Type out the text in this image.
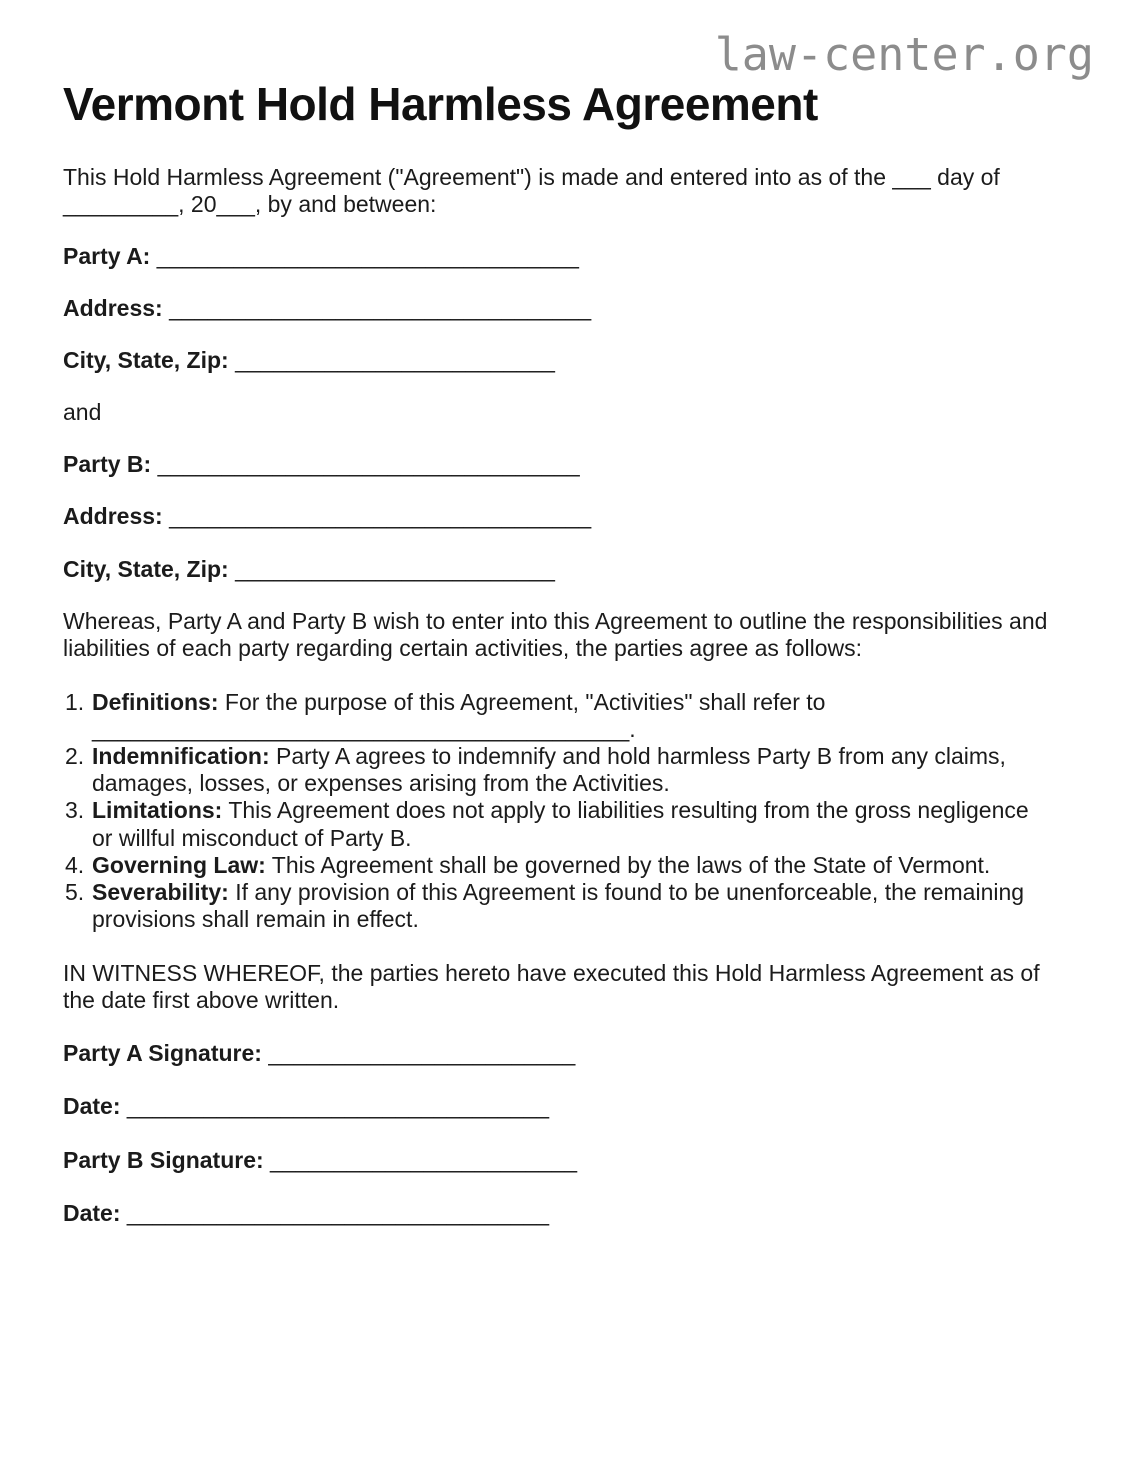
law-center.org
Vermont Hold Harmless Agreement

This Hold Harmless Agreement ("Agreement") is made and entered into as of the ___ day of _________, 20___, by and between:

Party A: _________________________________
Address: _________________________________
City, State, Zip: _________________________
and
Party B: _________________________________
Address: _________________________________
City, State, Zip: _________________________

Whereas, Party A and Party B wish to enter into this Agreement to outline the responsibilities and liabilities of each party regarding certain activities, the parties agree as follows:

1. Definitions: For the purpose of this Agreement, "Activities" shall refer to __________________________________________.
2. Indemnification: Party A agrees to indemnify and hold harmless Party B from any claims, damages, losses, or expenses arising from the Activities.
3. Limitations: This Agreement does not apply to liabilities resulting from the gross negligence or willful misconduct of Party B.
4. Governing Law: This Agreement shall be governed by the laws of the State of Vermont.
5. Severability: If any provision of this Agreement is found to be unenforceable, the remaining provisions shall remain in effect.

IN WITNESS WHEREOF, the parties hereto have executed this Hold Harmless Agreement as of the date first above written.

Party A Signature: ________________________
Date: _________________________________
Party B Signature: ________________________
Date: _________________________________
